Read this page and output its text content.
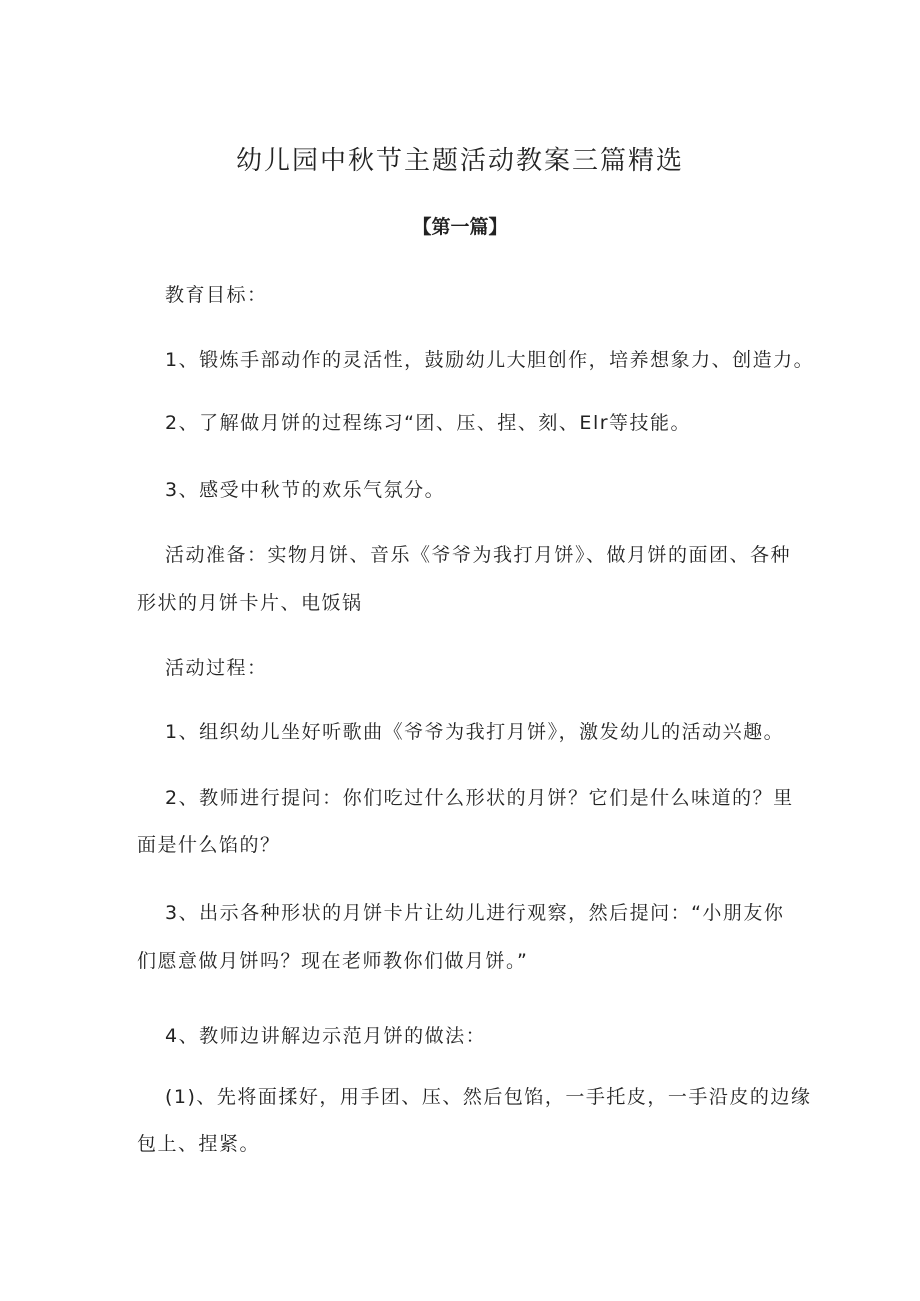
幼儿园中秋节主题活动教案三篇精选
【第一篇】
教育目标：
1、锻炼手部动作的灵活性，鼓励幼儿大胆创作，培养想象力、创造力。
2、了解做月饼的过程练习“团、压、捏、刻、Elr等技能。
3、感受中秋节的欢乐气氛分。
活动准备：实物月饼、音乐《爷爷为我打月饼》、做月饼的面团、各种
形状的月饼卡片、电饭锅
活动过程：
1、组织幼儿坐好听歌曲《爷爷为我打月饼》，激发幼儿的活动兴趣。
2、教师进行提问：你们吃过什么形状的月饼？它们是什么味道的？里
面是什么馅的？
3、出示各种形状的月饼卡片让幼儿进行观察，然后提问：“小朋友你
们愿意做月饼吗？现在老师教你们做月饼。”
4、教师边讲解边示范月饼的做法：
(1)、先将面揉好，用手团、压、然后包馅，一手托皮，一手沿皮的边缘
包上、捏紧。
